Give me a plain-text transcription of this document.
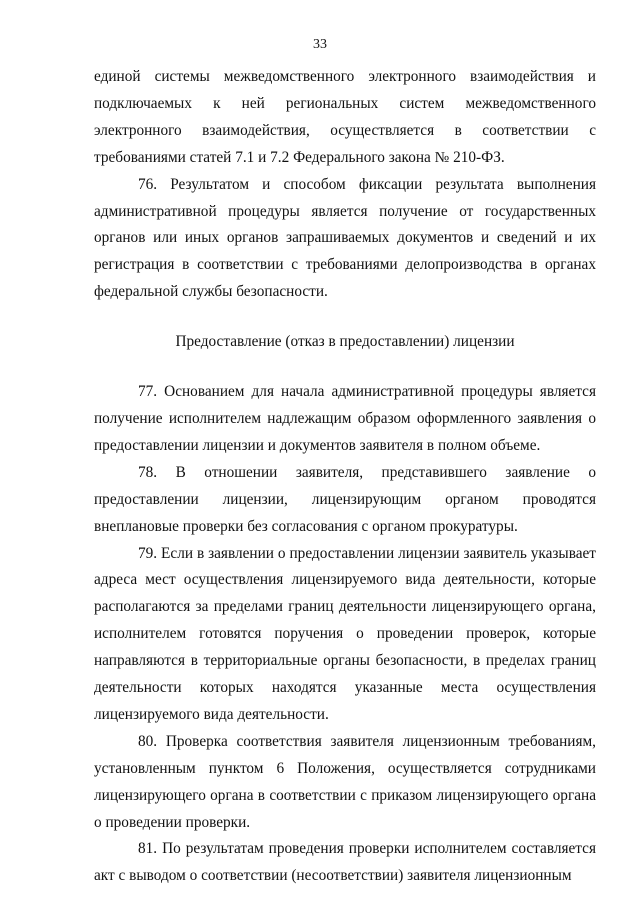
33

единой системы межведомственного электронного взаимодействия и подключаемых к ней региональных систем межведомственного электронного взаимодействия, осуществляется в соответствии с требованиями статей 7.1 и 7.2 Федерального закона № 210-ФЗ.

76. Результатом и способом фиксации результата выполнения административной процедуры является получение от государственных органов или иных органов запрашиваемых документов и сведений и их регистрация в соответствии с требованиями делопроизводства в органах федеральной службы безопасности.

Предоставление (отказ в предоставлении) лицензии

77. Основанием для начала административной процедуры является получение исполнителем надлежащим образом оформленного заявления о предоставлении лицензии и документов заявителя в полном объеме.

78. В отношении заявителя, представившего заявление о предоставлении лицензии, лицензирующим органом проводятся внеплановые проверки без согласования с органом прокуратуры.

79. Если в заявлении о предоставлении лицензии заявитель указывает адреса мест осуществления лицензируемого вида деятельности, которые располагаются за пределами границ деятельности лицензирующего органа, исполнителем готовятся поручения о проведении проверок, которые направляются в территориальные органы безопасности, в пределах границ деятельности которых находятся указанные места осуществления лицензируемого вида деятельности.

80. Проверка соответствия заявителя лицензионным требованиям, установленным пунктом 6 Положения, осуществляется сотрудниками лицензирующего органа в соответствии с приказом лицензирующего органа о проведении проверки.

81. По результатам проведения проверки исполнителем составляется акт с выводом о соответствии (несоответствии) заявителя лицензионным
